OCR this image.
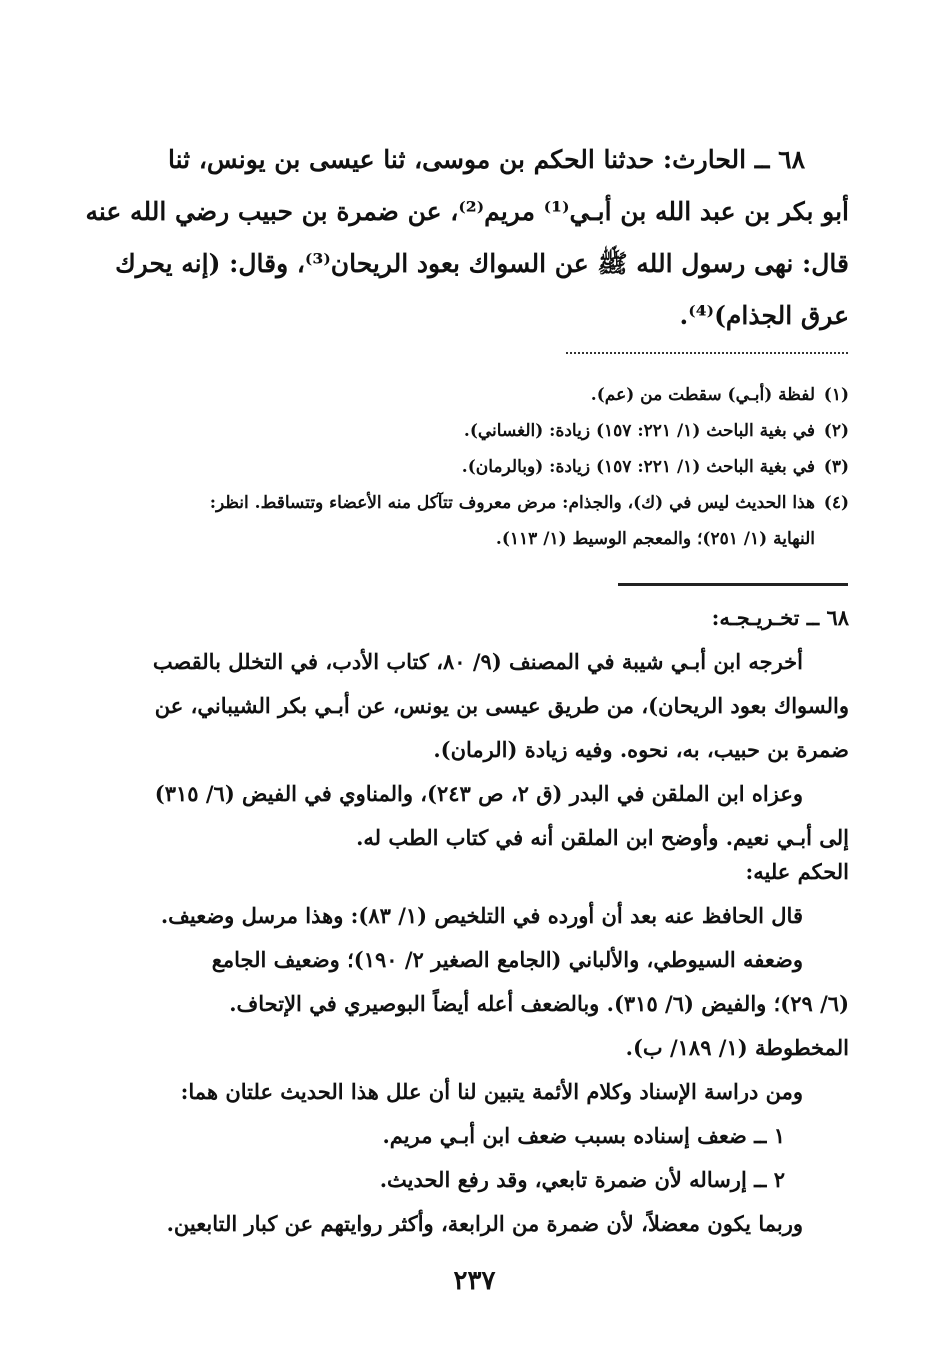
٦٨ ــ الحارث: حدثنا الحكم بن موسى، ثنا عيسى بن يونس، ثنا
أبو بكر بن عبد الله بن أبـي⁽¹⁾ مريم⁽²⁾، عن ضمرة بن حبيب رضي الله عنه
قال: نهى رسول الله ﷺ عن السواك بعود الريحان⁽³⁾، وقال: (إنه يحرك
عرق الجذام)⁽⁴⁾.
(١)لفظة (أبـي) سقطت من (عم).
(٢)في بغية الباحث (١/ ٢٢١: ١٥٧) زيادة: (الغساني).
(٣)في بغية الباحث (١/ ٢٢١: ١٥٧) زيادة: (وبالرمان).
(٤)هذا الحديث ليس في (ك)، والجذام: مرض معروف تتآكل منه الأعضاء وتتساقط. انظر:
النهاية (١/ ٢٥١)؛ والمعجم الوسيط (١/ ١١٣).
٦٨ ــ تخـريـجـه:
أخرجه ابن أبـي شيبة في المصنف (٩/ ٨٠، كتاب الأدب، في التخلل بالقصب
والسواك بعود الريحان)، من طريق عيسى بن يونس، عن أبـي بكر الشيباني، عن
ضمرة بن حبيب، به، نحوه. وفيه زيادة (الرمان).
وعزاه ابن الملقن في البدر (ق ٢، ص ٢٤٣)، والمناوي في الفيض (٦/ ٣١٥)
إلى أبـي نعيم. وأوضح ابن الملقن أنه في كتاب الطب له.
الحكم عليه:
قال الحافظ عنه بعد أن أورده في التلخيص (١/ ٨٣): وهذا مرسل وضعيف.
وضعفه السيوطي، والألباني (الجامع الصغير ٢/ ١٩٠)؛ وضعيف الجامع
(٦/ ٢٩)؛ والفيض (٦/ ٣١٥). وبالضعف أعله أيضاً البوصيري في الإتحاف.
المخطوطة (١/ ١٨٩/ ب).
ومن دراسة الإسناد وكلام الأئمة يتبين لنا أن علل هذا الحديث علتان هما:
١ ــ ضعف إسناده بسبب ضعف ابن أبـي مريم.
٢ ــ إرساله لأن ضمرة تابعي، وقد رفع الحديث.
وربما يكون معضلاً، لأن ضمرة من الرابعة، وأكثر روايتهم عن كبار التابعين.
٢٣٧
